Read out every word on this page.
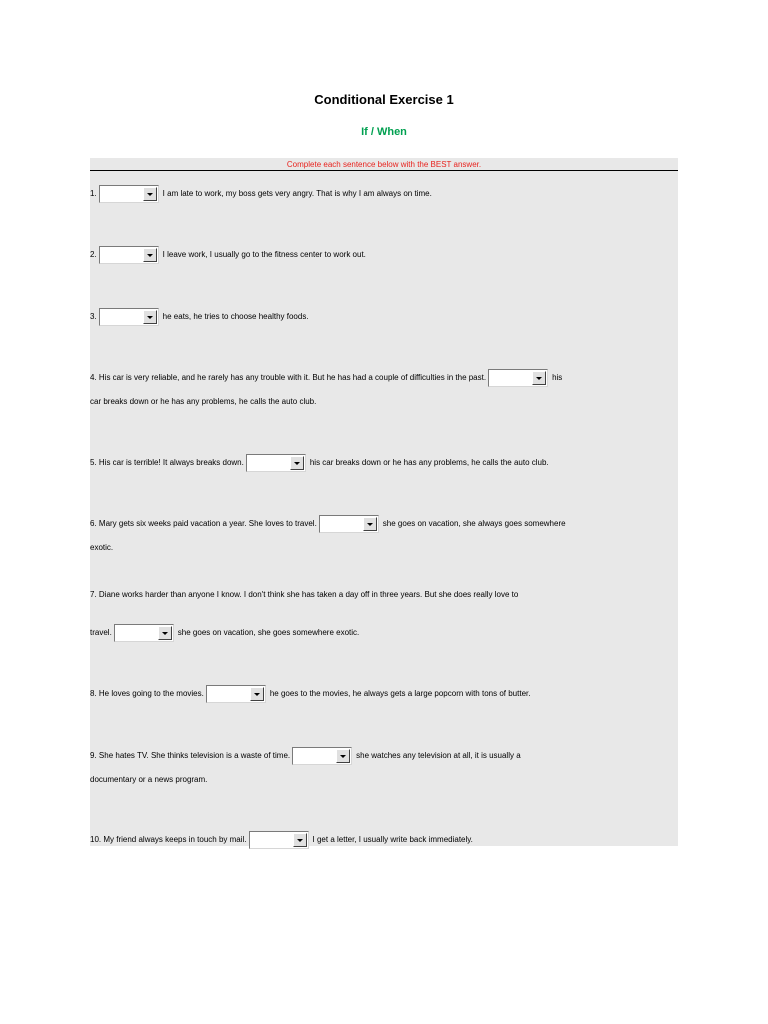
Conditional Exercise 1
If / When
Complete each sentence below with the BEST answer.
1.	I am late to work, my boss gets very angry. That is why I am always on time.
2.	I leave work, I usually go to the fitness center to work out.
3.	he eats, he tries to choose healthy foods.
4. His car is very reliable, and he rarely has any trouble with it. But he has had a couple of difficulties in the past.	his
car breaks down or he has any problems, he calls the auto club.
5. His car is terrible! It always breaks down.	his car breaks down or he has any problems, he calls the auto club.
6. Mary gets six weeks paid vacation a year. She loves to travel.	she goes on vacation, she always goes somewhere
exotic.
7. Diane works harder than anyone I know. I don't think she has taken a day off in three years. But she does really love to
travel.	she goes on vacation, she goes somewhere exotic.
8. He loves going to the movies.	he goes to the movies, he always gets a large popcorn with tons of butter.
9. She hates TV. She thinks television is a waste of time.	she watches any television at all, it is usually a
documentary or a news program.
10. My friend always keeps in touch by mail.	I get a letter, I usually write back immediately.
